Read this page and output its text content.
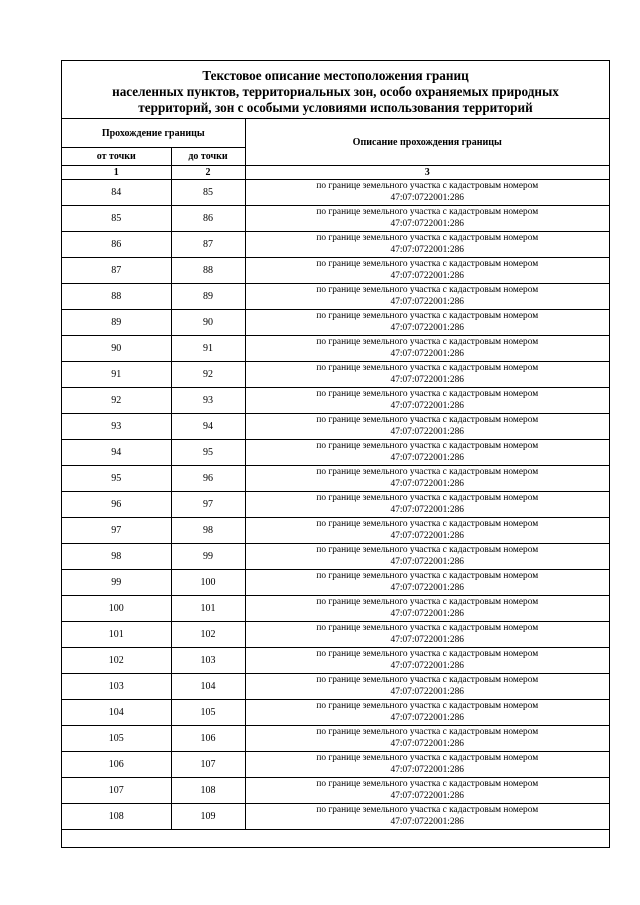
Текстовое описание местоположения границ
населенных пунктов, территориальных зон, особо охраняемых природных
территорий, зон с особыми условиями использования территорий
Прохождение границы		Описание прохождения границы
от точки	до точки	
1	2	3
84	85	по границе земельного участка с кадастровым номером
47:07:0722001:286

85	86	по границе земельного участка с кадастровым номером
47:07:0722001:286

86	87	по границе земельного участка с кадастровым номером
47:07:0722001:286

87	88	по границе земельного участка с кадастровым номером
47:07:0722001:286

88	89	по границе земельного участка с кадастровым номером
47:07:0722001:286

89	90	по границе земельного участка с кадастровым номером
47:07:0722001:286

90	91	по границе земельного участка с кадастровым номером
47:07:0722001:286

91	92	по границе земельного участка с кадастровым номером
47:07:0722001:286

92	93	по границе земельного участка с кадастровым номером
47:07:0722001:286

93	94	по границе земельного участка с кадастровым номером
47:07:0722001:286

94	95	по границе земельного участка с кадастровым номером
47:07:0722001:286

95	96	по границе земельного участка с кадастровым номером
47:07:0722001:286

96	97	по границе земельного участка с кадастровым номером
47:07:0722001:286

97	98	по границе земельного участка с кадастровым номером
47:07:0722001:286

98	99	по границе земельного участка с кадастровым номером
47:07:0722001:286

99	100	по границе земельного участка с кадастровым номером
47:07:0722001:286

100	101	по границе земельного участка с кадастровым номером
47:07:0722001:286

101	102	по границе земельного участка с кадастровым номером
47:07:0722001:286

102	103	по границе земельного участка с кадастровым номером
47:07:0722001:286

103	104	по границе земельного участка с кадастровым номером
47:07:0722001:286

104	105	по границе земельного участка с кадастровым номером
47:07:0722001:286

105	106	по границе земельного участка с кадастровым номером
47:07:0722001:286

106	107	по границе земельного участка с кадастровым номером
47:07:0722001:286

107	108	по границе земельного участка с кадастровым номером
47:07:0722001:286

108	109	по границе земельного участка с кадастровым номером
47:07:0722001:286
